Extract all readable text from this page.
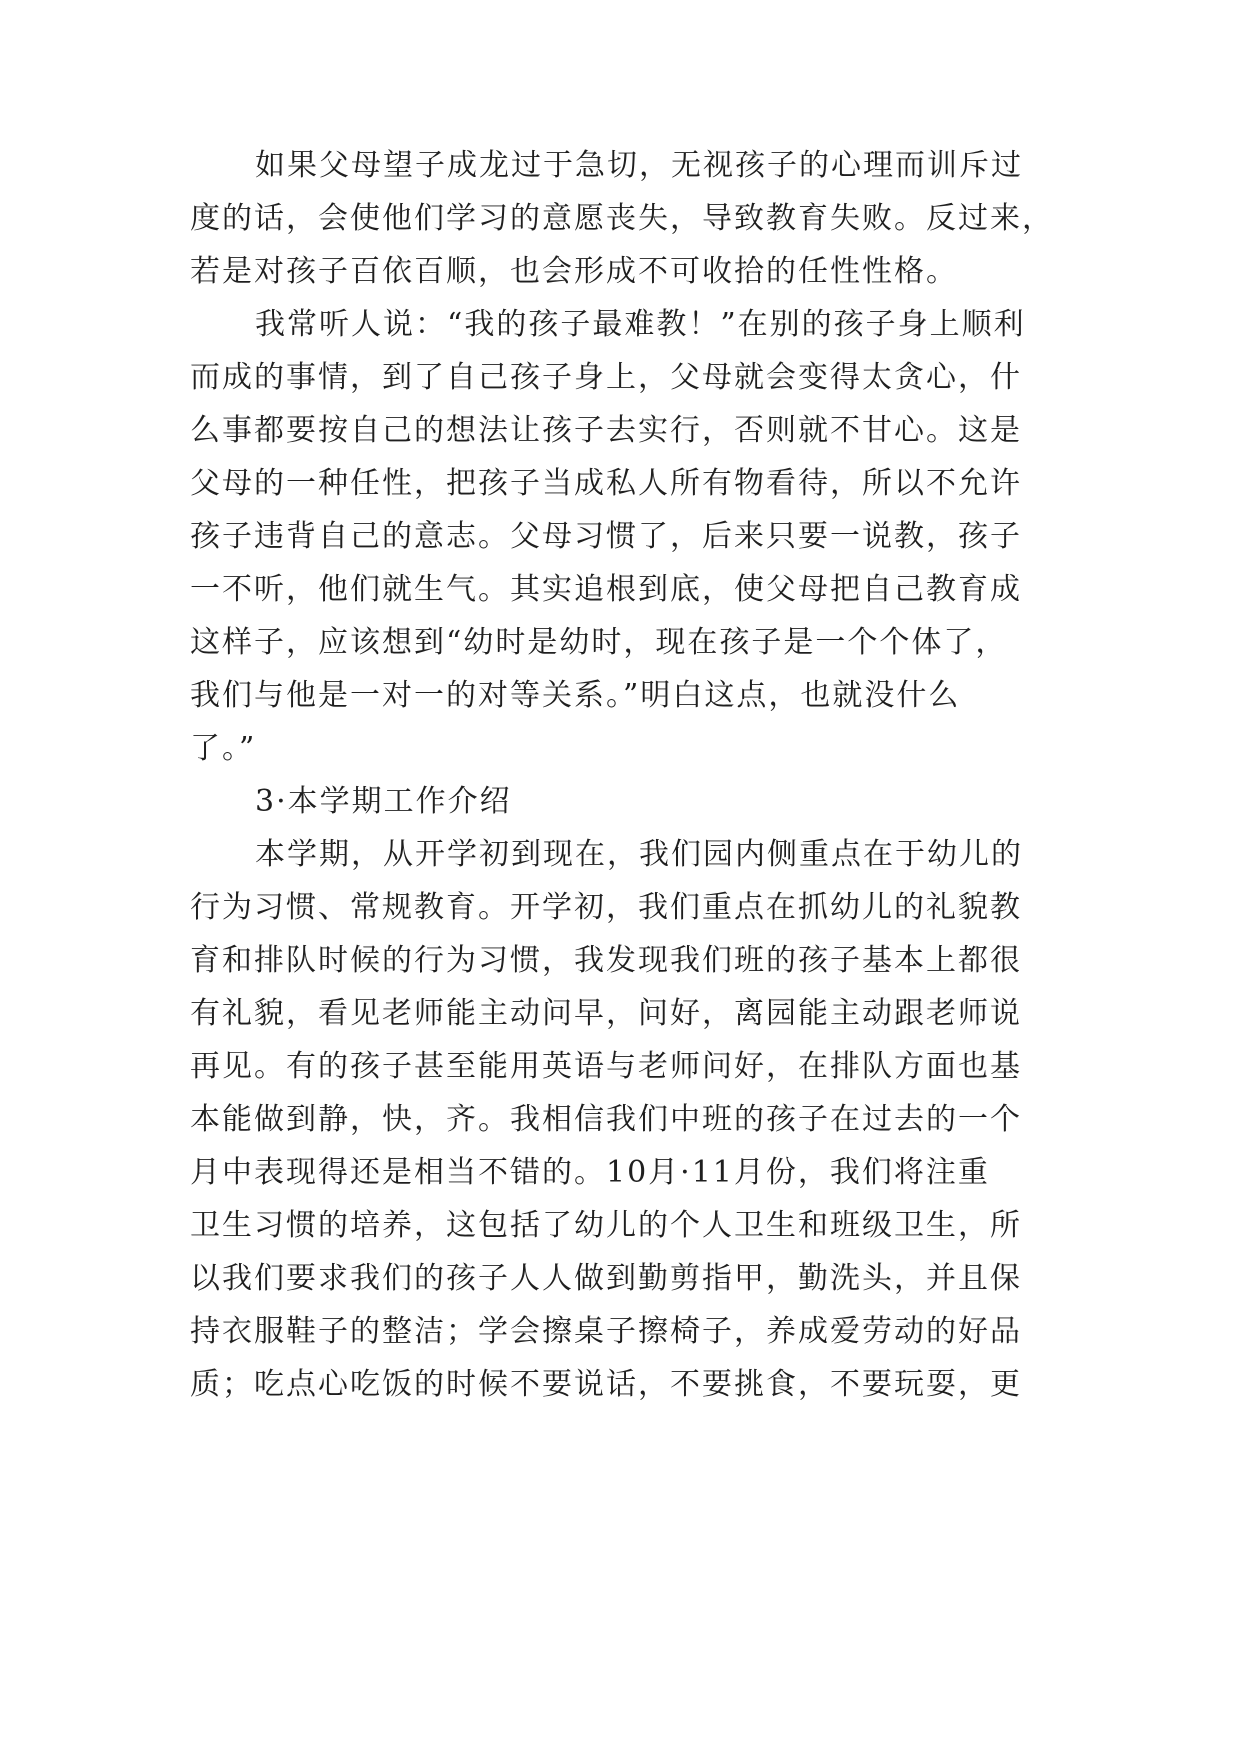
如果父母望子成龙过于急切，无视孩子的心理而训斥过
度的话，会使他们学习的意愿丧失，导致教育失败。反过来，
若是对孩子百依百顺，也会形成不可收拾的任性性格。
我常听人说：“我的孩子最难教！”在别的孩子身上顺利
而成的事情，到了自己孩子身上，父母就会变得太贪心，什
么事都要按自己的想法让孩子去实行，否则就不甘心。这是
父母的一种任性，把孩子当成私人所有物看待，所以不允许
孩子违背自己的意志。父母习惯了，后来只要一说教，孩子
一不听，他们就生气。其实追根到底，使父母把自己教育成
这样子，应该想到“幼时是幼时，现在孩子是一个个体了，
我们与他是一对一的对等关系。”明白这点，也就没什么
了。”
3·本学期工作介绍
本学期，从开学初到现在，我们园内侧重点在于幼儿的
行为习惯、常规教育。开学初，我们重点在抓幼儿的礼貌教
育和排队时候的行为习惯，我发现我们班的孩子基本上都很
有礼貌，看见老师能主动问早，问好，离园能主动跟老师说
再见。有的孩子甚至能用英语与老师问好，在排队方面也基
本能做到静，快，齐。我相信我们中班的孩子在过去的一个
月中表现得还是相当不错的。10月·11月份，我们将注重
卫生习惯的培养，这包括了幼儿的个人卫生和班级卫生，所
以我们要求我们的孩子人人做到勤剪指甲，勤洗头，并且保
持衣服鞋子的整洁；学会擦桌子擦椅子，养成爱劳动的好品
质；吃点心吃饭的时候不要说话，不要挑食，不要玩耍，更
